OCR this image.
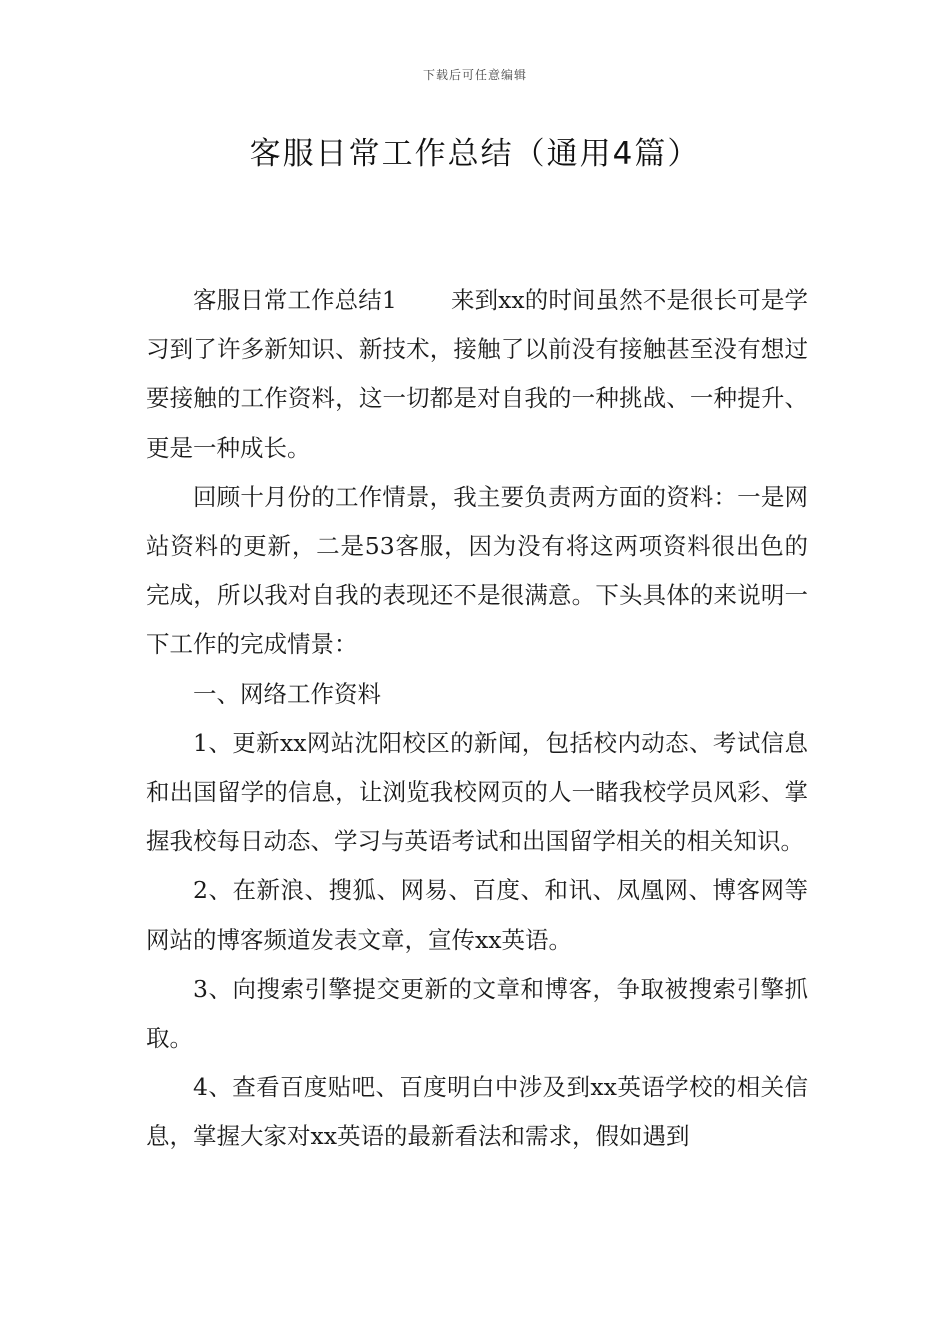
下载后可任意编辑
客服日常工作总结（通用4篇）

客服日常工作总结1 来到xx的时间虽然不是很长可是学习到了许多新知识、新技术，接触了以前没有接触甚至没有想过要接触的工作资料，这一切都是对自我的一种挑战、一种提升、更是一种成长。

回顾十月份的工作情景，我主要负责两方面的资料：一是网站资料的更新，二是53客服，因为没有将这两项资料很出色的完成，所以我对自我的表现还不是很满意。下头具体的来说明一下工作的完成情景：

一、网络工作资料

1、更新xx网站沈阳校区的新闻，包括校内动态、考试信息和出国留学的信息，让浏览我校网页的人一睹我校学员风彩、掌握我校每日动态、学习与英语考试和出国留学相关的相关知识。

2、在新浪、搜狐、网易、百度、和讯、凤凰网、博客网等网站的博客频道发表文章，宣传xx英语。

3、向搜索引擎提交更新的文章和博客，争取被搜索引擎抓取。

4、查看百度贴吧、百度明白中涉及到xx英语学校的相关信息，掌握大家对xx英语的最新看法和需求，假如遇到
